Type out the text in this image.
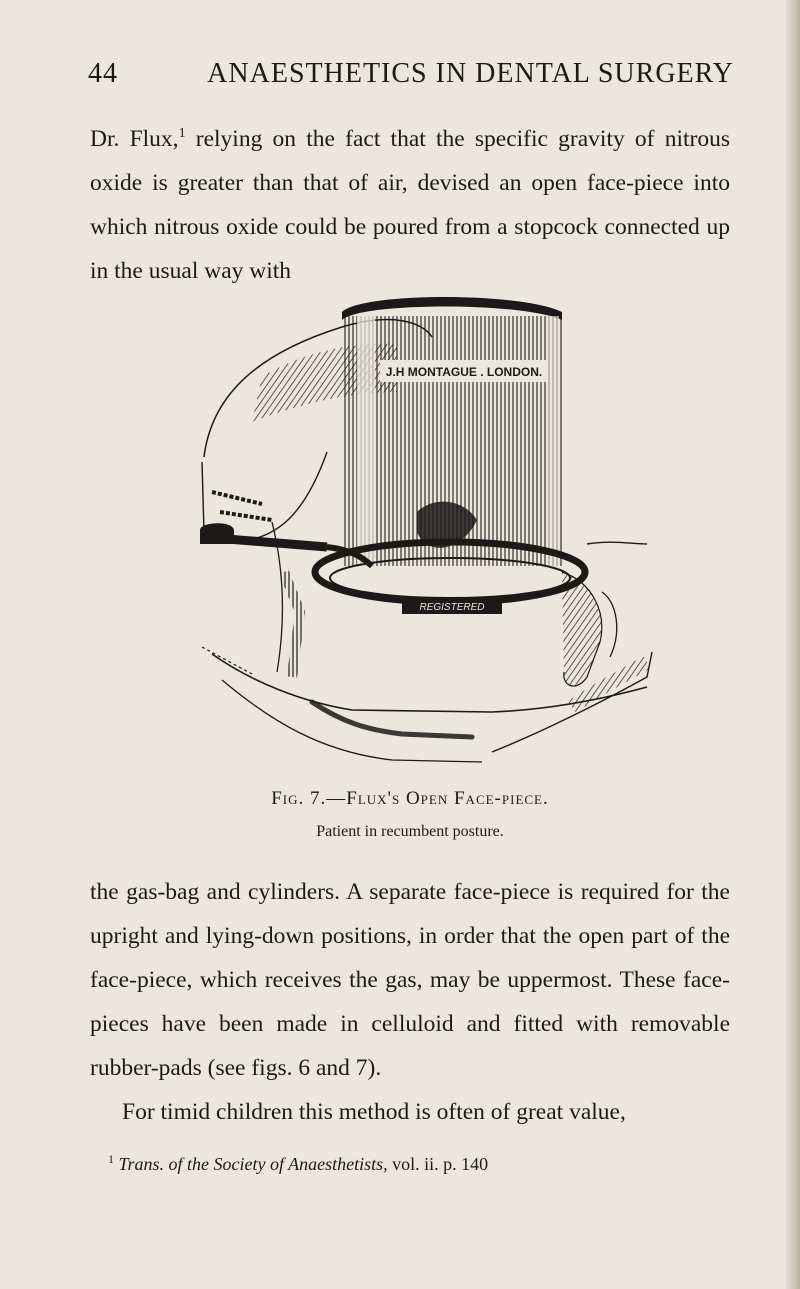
44	ANAESTHETICS IN DENTAL SURGERY

Dr. Flux,$^1$ relying on the fact that the specific gravity of nitrous oxide is greater than that of air, devised an open face-piece into which nitrous oxide could be poured from a stopcock connected up in the usual way with

J.H MONTAGUE . LONDON.
REGISTERED
Fig. 7.—Flux's Open Face-piece.
Patient in recumbent posture.

the gas-bag and cylinders. A separate face-piece is required for the upright and lying-down positions, in order that the open part of the face-piece, which receives the gas, may be uppermost. These face-pieces have been made in celluloid and fitted with removable rubber-pads (see figs. 6 and 7).

For timid children this method is often of great value,

$^1$ Trans. of the Society of Anaesthetists, vol. ii. p. 140
